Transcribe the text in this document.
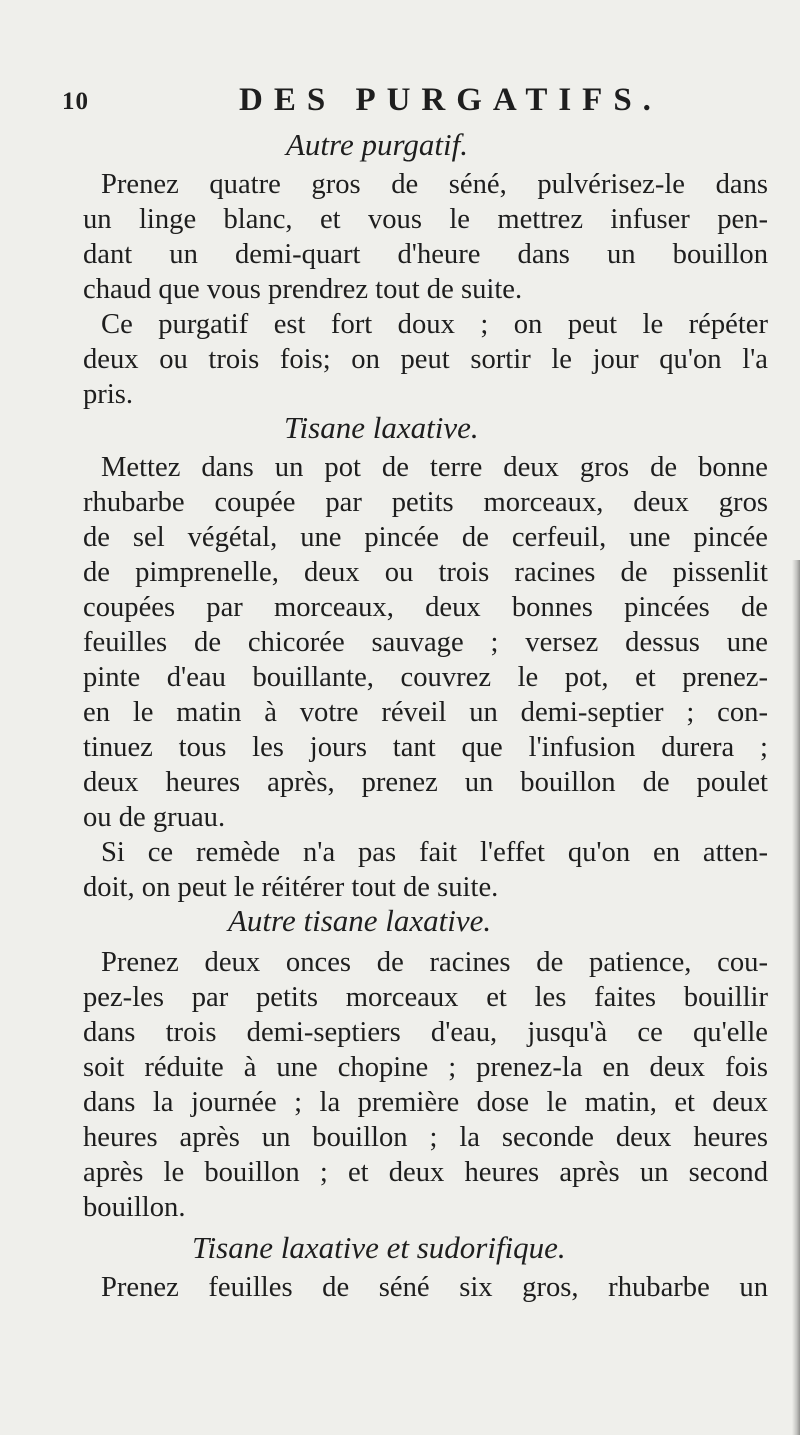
10	DES PURGATIFS.
Autre purgatif.
Prenez quatre gros de séné, pulvérisez-le dans
un linge blanc, et vous le mettrez infuser pen-
dant un demi-quart d'heure dans un bouillon
chaud que vous prendrez tout de suite.
Ce purgatif est fort doux ; on peut le répéter
deux ou trois fois; on peut sortir le jour qu'on l'a
pris.
Tisane laxative.
Mettez dans un pot de terre deux gros de bonne
rhubarbe coupée par petits morceaux, deux gros
de sel végétal, une pincée de cerfeuil, une pincée
de pimprenelle, deux ou trois racines de pissenlit
coupées par morceaux, deux bonnes pincées de
feuilles de chicorée sauvage ; versez dessus une
pinte d'eau bouillante, couvrez le pot, et prenez-
en le matin à votre réveil un demi-septier ; con-
tinuez tous les jours tant que l'infusion durera ;
deux heures après, prenez un bouillon de poulet
ou de gruau.
Si ce remède n'a pas fait l'effet qu'on en atten-
doit, on peut le réitérer tout de suite.
Autre tisane laxative.
Prenez deux onces de racines de patience, cou-
pez-les par petits morceaux et les faites bouillir
dans trois demi-septiers d'eau, jusqu'à ce qu'elle
soit réduite à une chopine ; prenez-la en deux fois
dans la journée ; la première dose le matin, et deux
heures après un bouillon ; la seconde deux heures
après le bouillon ; et deux heures après un second
bouillon.
Tisane laxative et sudorifique.
Prenez feuilles de séné six gros, rhubarbe un
